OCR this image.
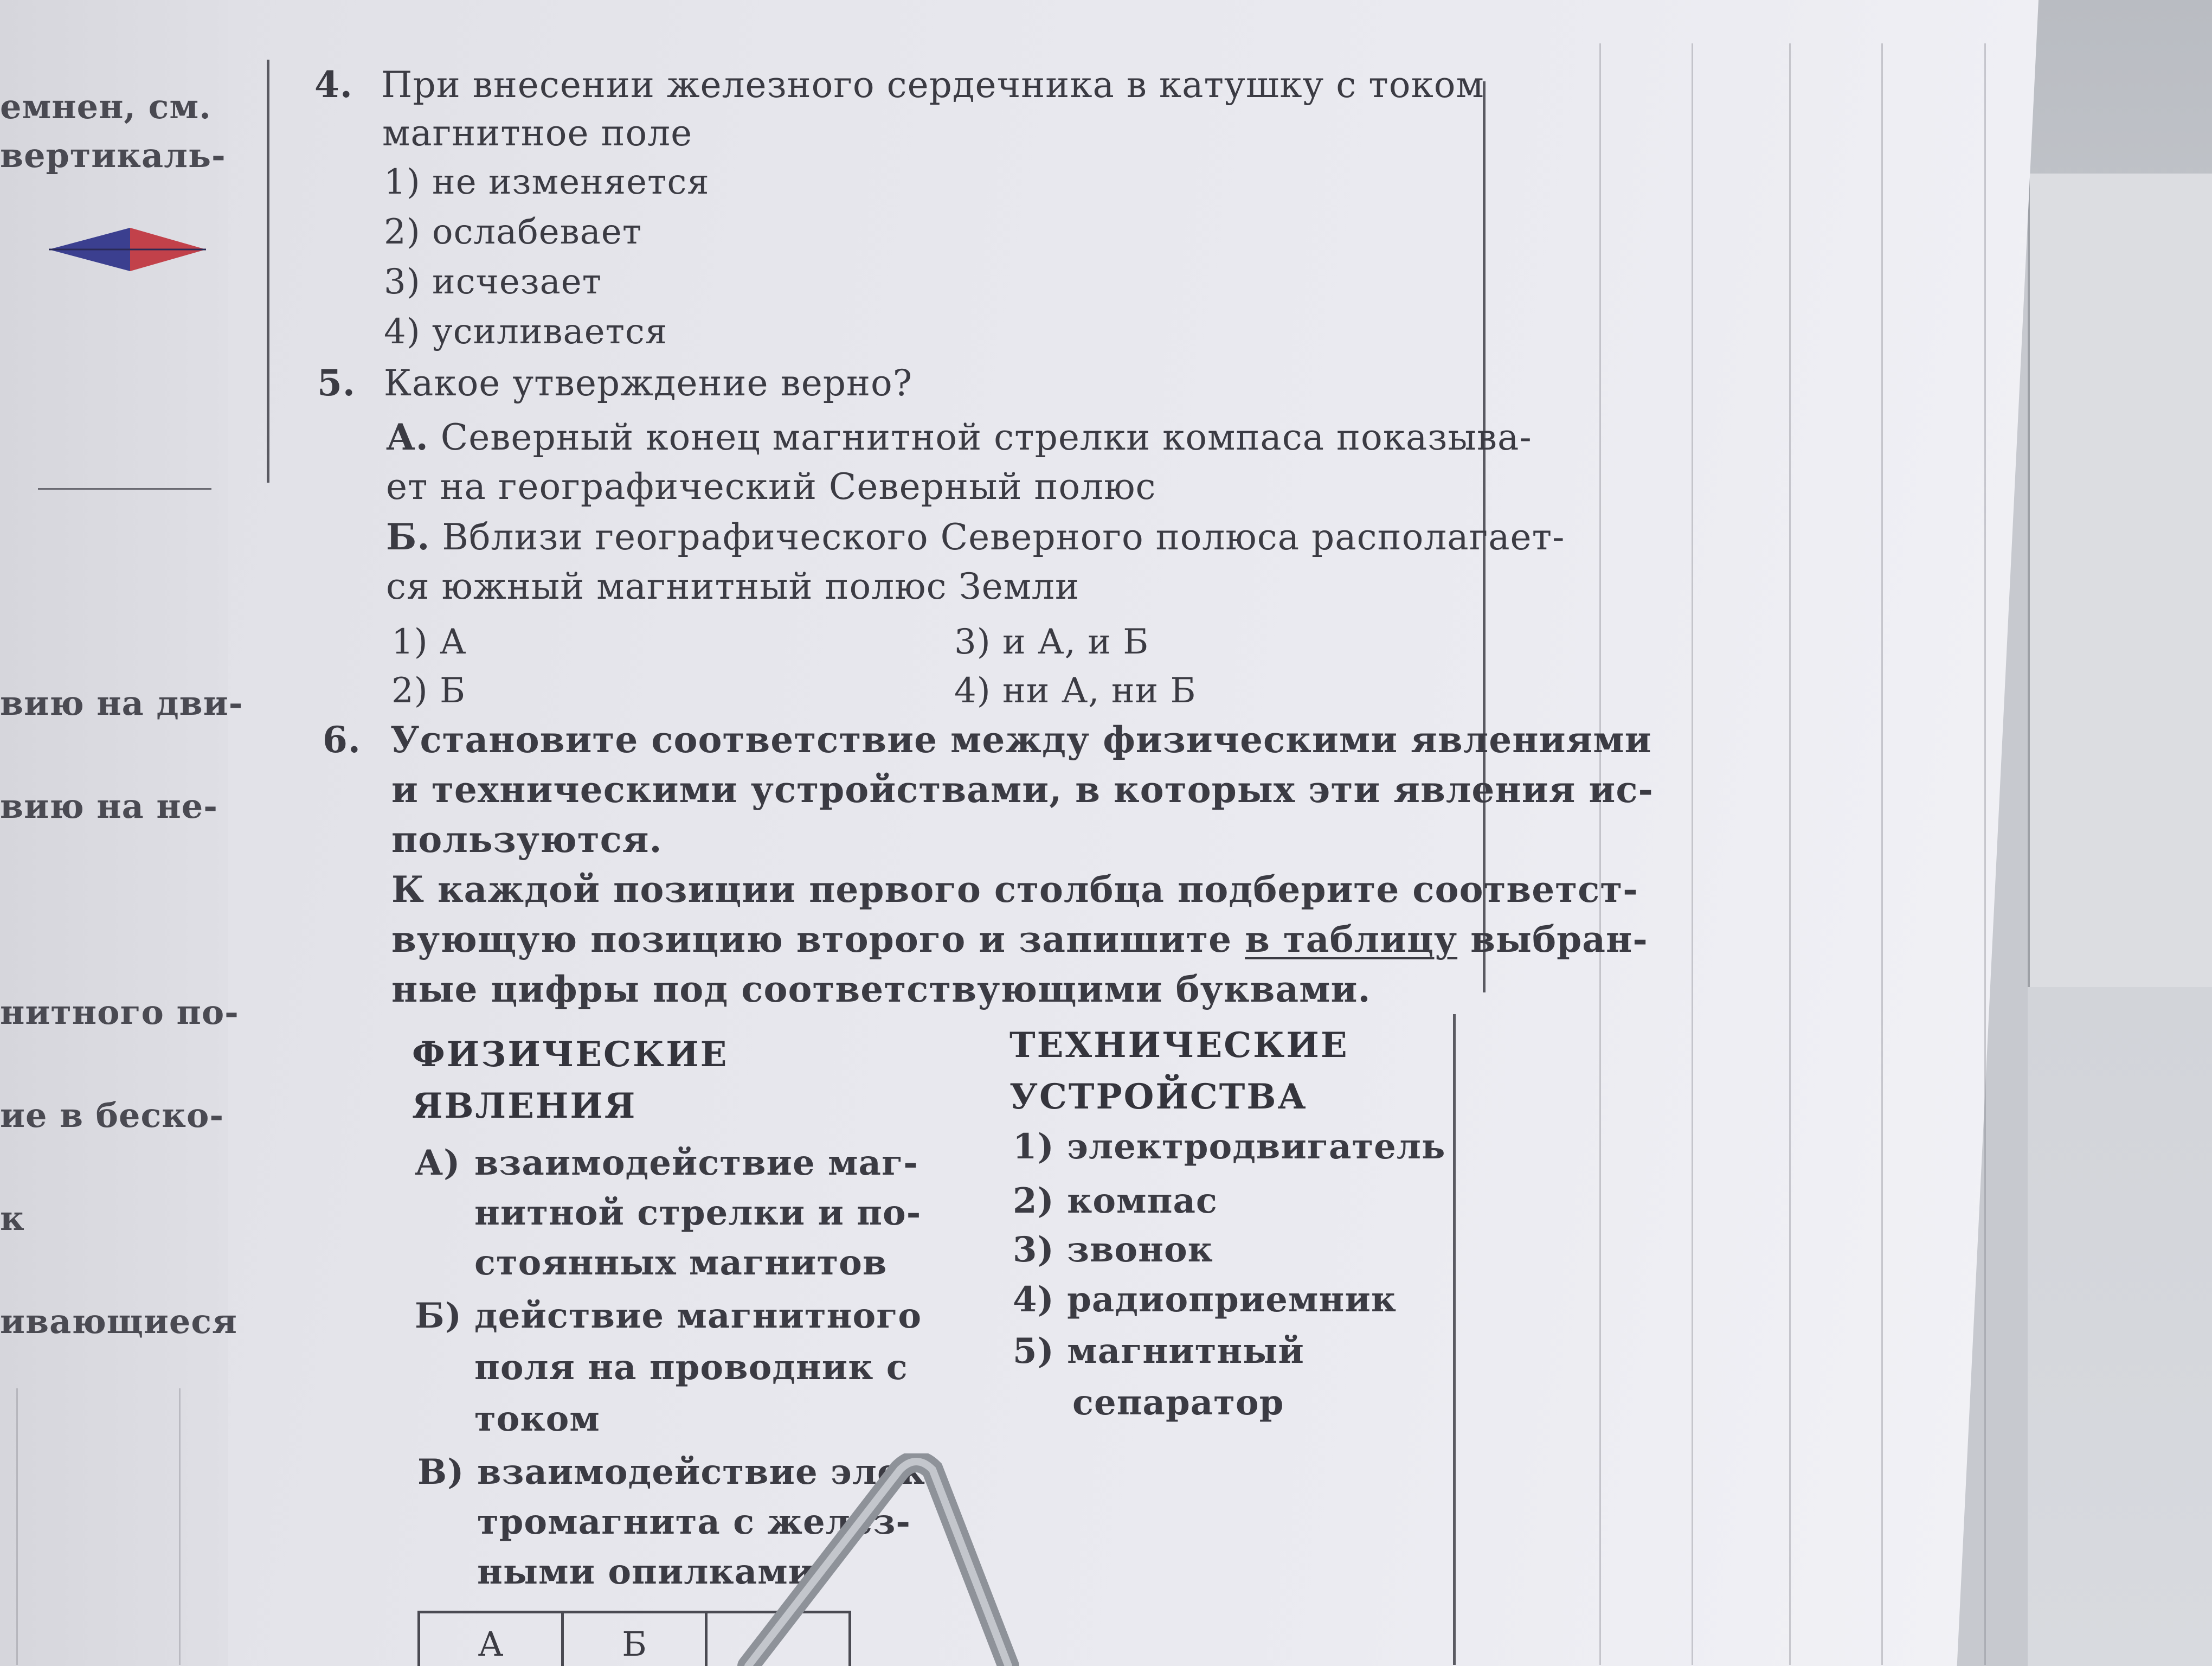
емнен, см.
вертикаль-
вию на дви-
вию на не-
нитного по-
ие в беско-
к
ивающиеся
4. При внесении железного сердечника в катушку с током
магнитное поле
1) не изменяется
2) ослабевает
3) исчезает
4) усиливается
5. Какое утверждение верно?
А. Северный конец магнитной стрелки компаса показыва-
ет на географический Северный полюс
Б. Вблизи географического Северного полюса располагает-
ся южный магнитный полюс Земли
1) А	3) и А, и Б
2) Б	4) ни А, ни Б
6. Установите соответствие между физическими явлениями
и техническими устройствами, в которых эти явления ис-
пользуются.
К каждой позиции первого столбца подберите соответст-
вующую позицию второго и запишите в таблицу выбран-
ные цифры под соответствующими буквами.
ФИЗИЧЕСКИЕ
ЯВЛЕНИЯ
ТЕХНИЧЕСКИЕ
УСТРОЙСТВА
А) взаимодействие маг-
нитной стрелки и по-
стоянных магнитов
Б) действие магнитного
поля на проводник с
током
В) взаимодействие элек-
тромагнита с желез-
ными опилками
1) электродвигатель
2) компас
3) звонок
4) радиоприемник
5) магнитный
сепаратор
А	Б	
